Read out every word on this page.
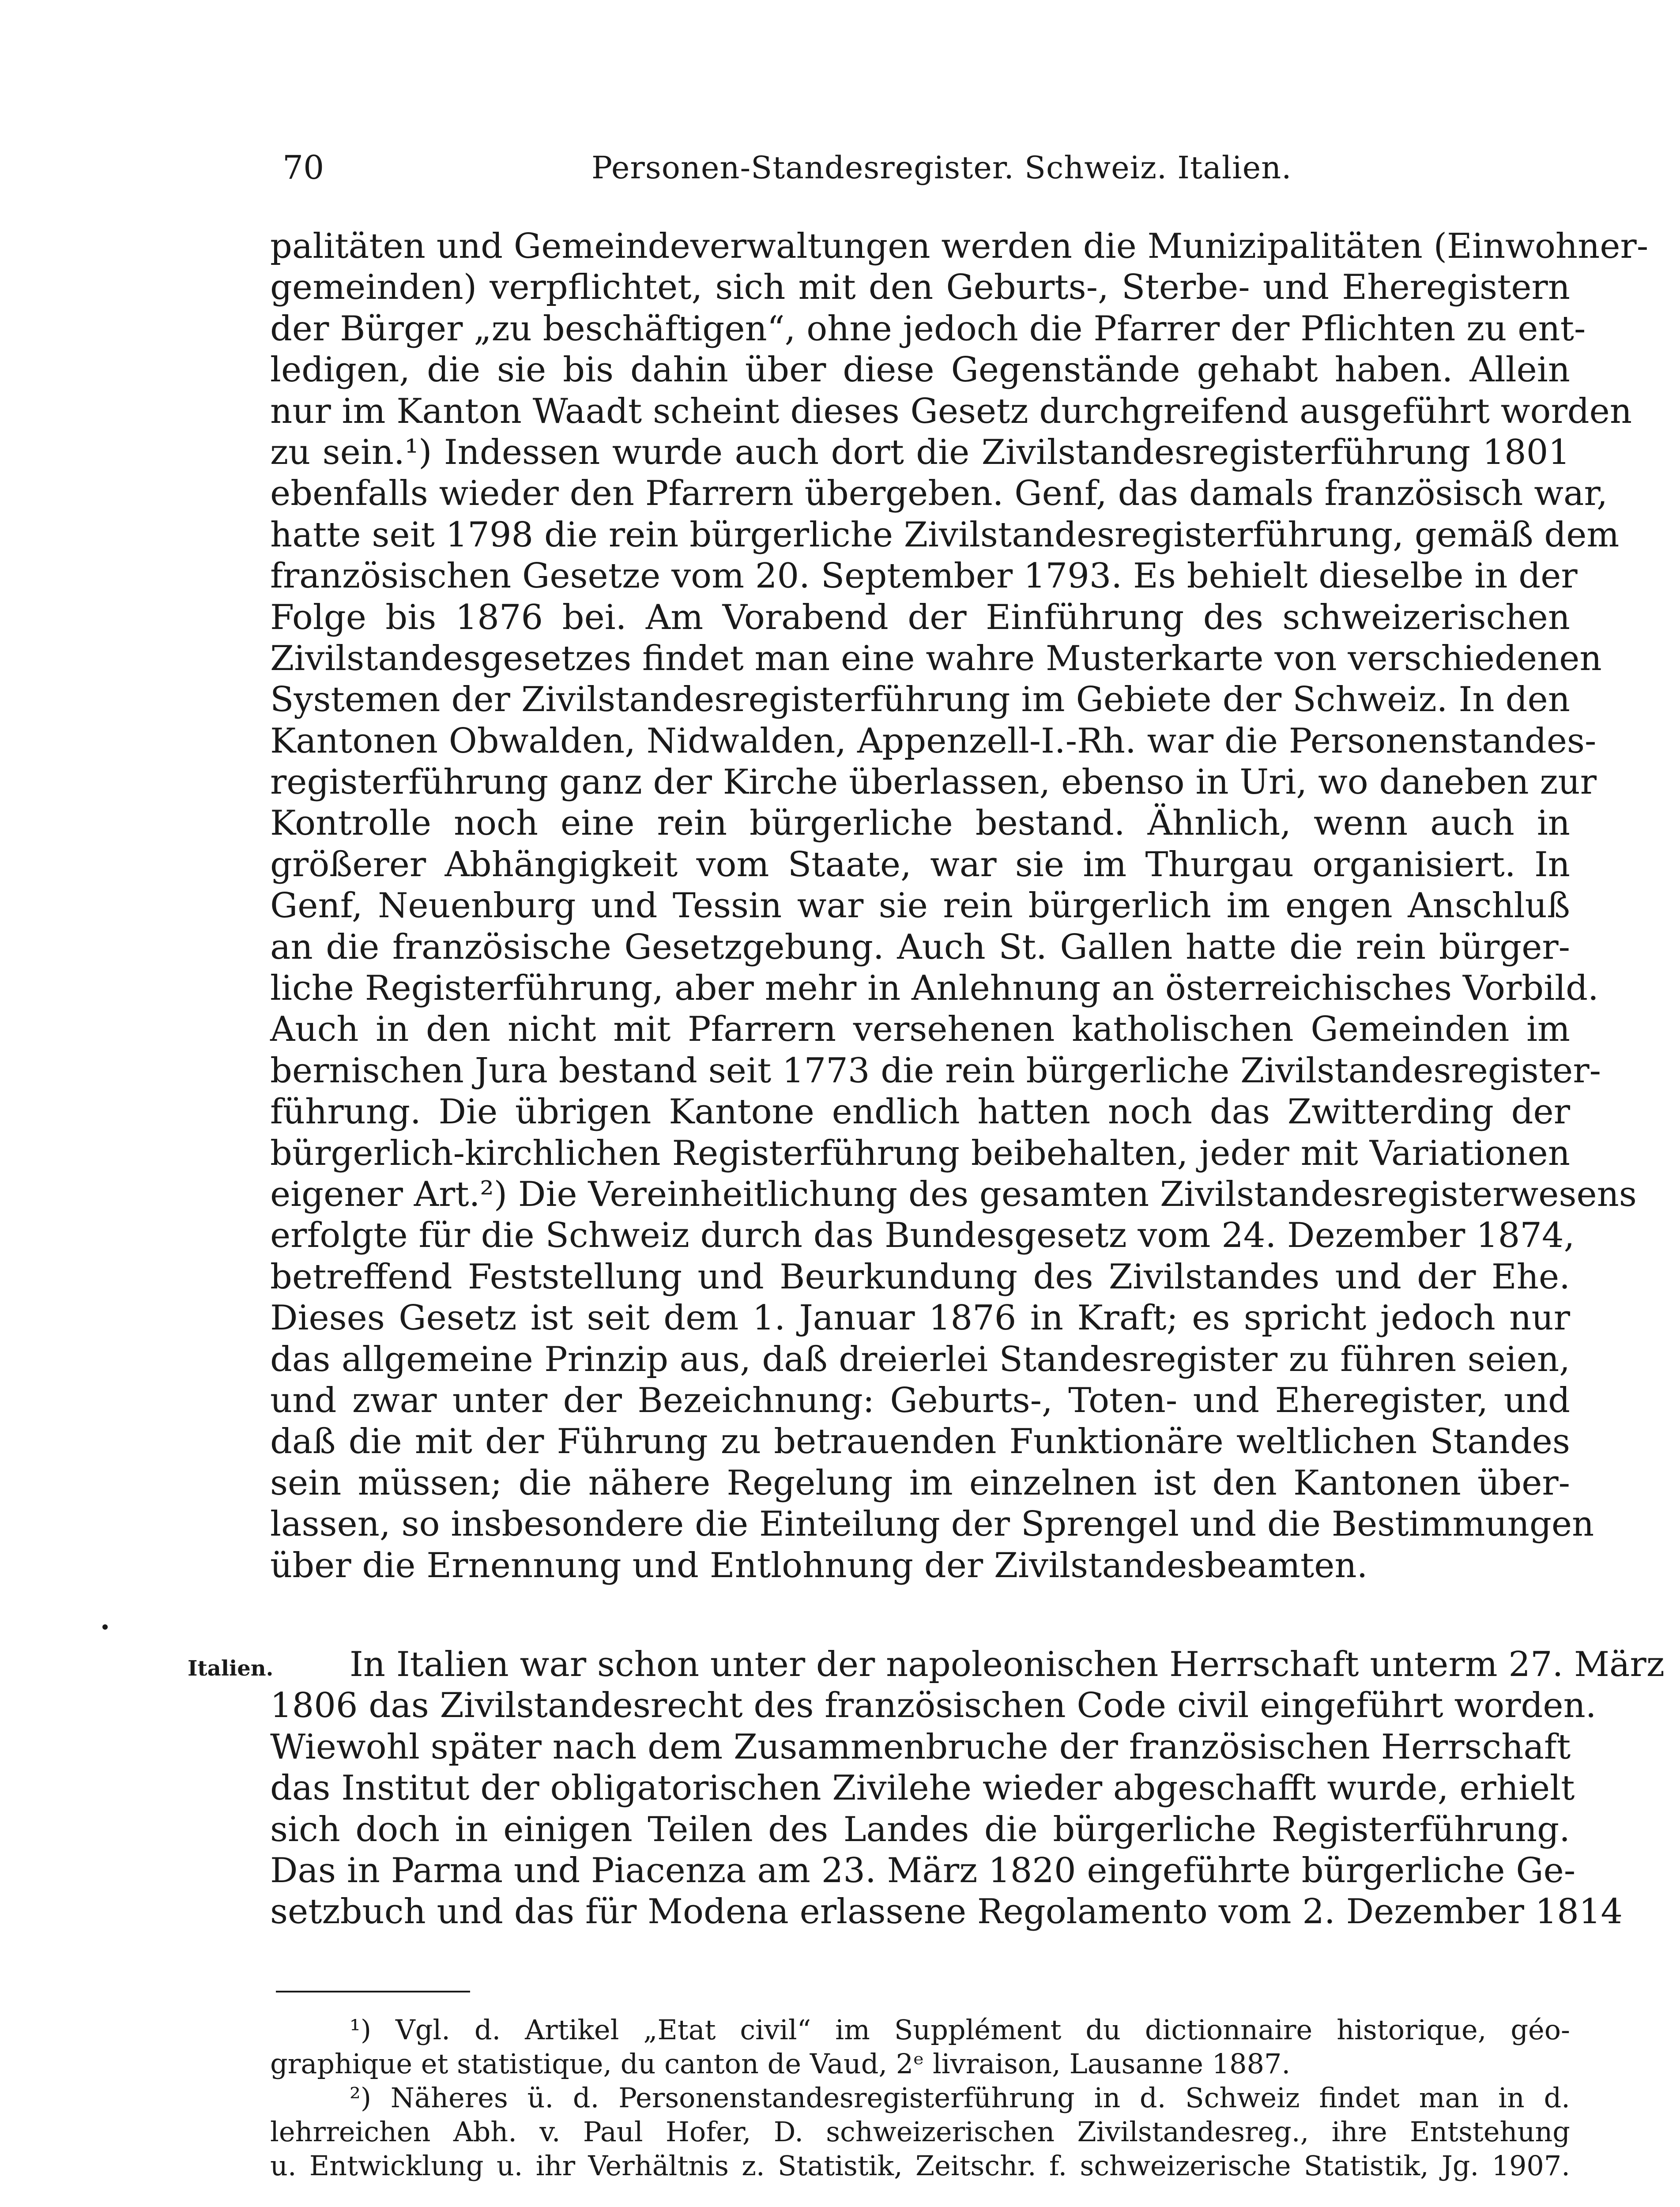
70	Personen-Standesregister. Schweiz. Italien.
palitäten und Gemeindeverwaltungen werden die Munizipalitäten (Einwohner-
gemeinden) verpflichtet, sich mit den Geburts-, Sterbe- und Eheregistern
der Bürger „zu beschäftigen“, ohne jedoch die Pfarrer der Pflichten zu ent-
ledigen, die sie bis dahin über diese Gegenstände gehabt haben. Allein
nur im Kanton Waadt scheint dieses Gesetz durchgreifend ausgeführt worden
zu sein.¹) Indessen wurde auch dort die Zivilstandesregisterführung 1801
ebenfalls wieder den Pfarrern übergeben. Genf, das damals französisch war,
hatte seit 1798 die rein bürgerliche Zivilstandesregisterführung, gemäß dem
französischen Gesetze vom 20. September 1793. Es behielt dieselbe in der
Folge bis 1876 bei. Am Vorabend der Einführung des schweizerischen
Zivilstandesgesetzes findet man eine wahre Musterkarte von verschiedenen
Systemen der Zivilstandesregisterführung im Gebiete der Schweiz. In den
Kantonen Obwalden, Nidwalden, Appenzell-I.-Rh. war die Personenstandes-
registerführung ganz der Kirche überlassen, ebenso in Uri, wo daneben zur
Kontrolle noch eine rein bürgerliche bestand. Ähnlich, wenn auch in
größerer Abhängigkeit vom Staate, war sie im Thurgau organisiert. In
Genf, Neuenburg und Tessin war sie rein bürgerlich im engen Anschluß
an die französische Gesetzgebung. Auch St. Gallen hatte die rein bürger-
liche Registerführung, aber mehr in Anlehnung an österreichisches Vorbild.
Auch in den nicht mit Pfarrern versehenen katholischen Gemeinden im
bernischen Jura bestand seit 1773 die rein bürgerliche Zivilstandesregister-
führung. Die übrigen Kantone endlich hatten noch das Zwitterding der
bürgerlich-kirchlichen Registerführung beibehalten, jeder mit Variationen
eigener Art.²) Die Vereinheitlichung des gesamten Zivilstandesregisterwesens
erfolgte für die Schweiz durch das Bundesgesetz vom 24. Dezember 1874,
betreffend Feststellung und Beurkundung des Zivilstandes und der Ehe.
Dieses Gesetz ist seit dem 1. Januar 1876 in Kraft; es spricht jedoch nur
das allgemeine Prinzip aus, daß dreierlei Standesregister zu führen seien,
und zwar unter der Bezeichnung: Geburts-, Toten- und Eheregister, und
daß die mit der Führung zu betrauenden Funktionäre weltlichen Standes
sein müssen; die nähere Regelung im einzelnen ist den Kantonen über-
lassen, so insbesondere die Einteilung der Sprengel und die Bestimmungen
über die Ernennung und Entlohnung der Zivilstandesbeamten.
Italien.	In Italien war schon unter der napoleonischen Herrschaft unterm 27. März
1806 das Zivilstandesrecht des französischen Code civil eingeführt worden.
Wiewohl später nach dem Zusammenbruche der französischen Herrschaft
das Institut der obligatorischen Zivilehe wieder abgeschafft wurde, erhielt
sich doch in einigen Teilen des Landes die bürgerliche Registerführung.
Das in Parma und Piacenza am 23. März 1820 eingeführte bürgerliche Ge-
setzbuch und das für Modena erlassene Regolamento vom 2. Dezember 1814
¹) Vgl. d. Artikel „Etat civil“ im Supplément du dictionnaire historique, géo-
graphique et statistique, du canton de Vaud, 2ᵉ livraison, Lausanne 1887.
²) Näheres ü. d. Personenstandesregisterführung in d. Schweiz findet man in d.
lehrreichen Abh. v. Paul Hofer, D. schweizerischen Zivilstandesreg., ihre Entstehung
u. Entwicklung u. ihr Verhältnis z. Statistik, Zeitschr. f. schweizerische Statistik, Jg. 1907.
